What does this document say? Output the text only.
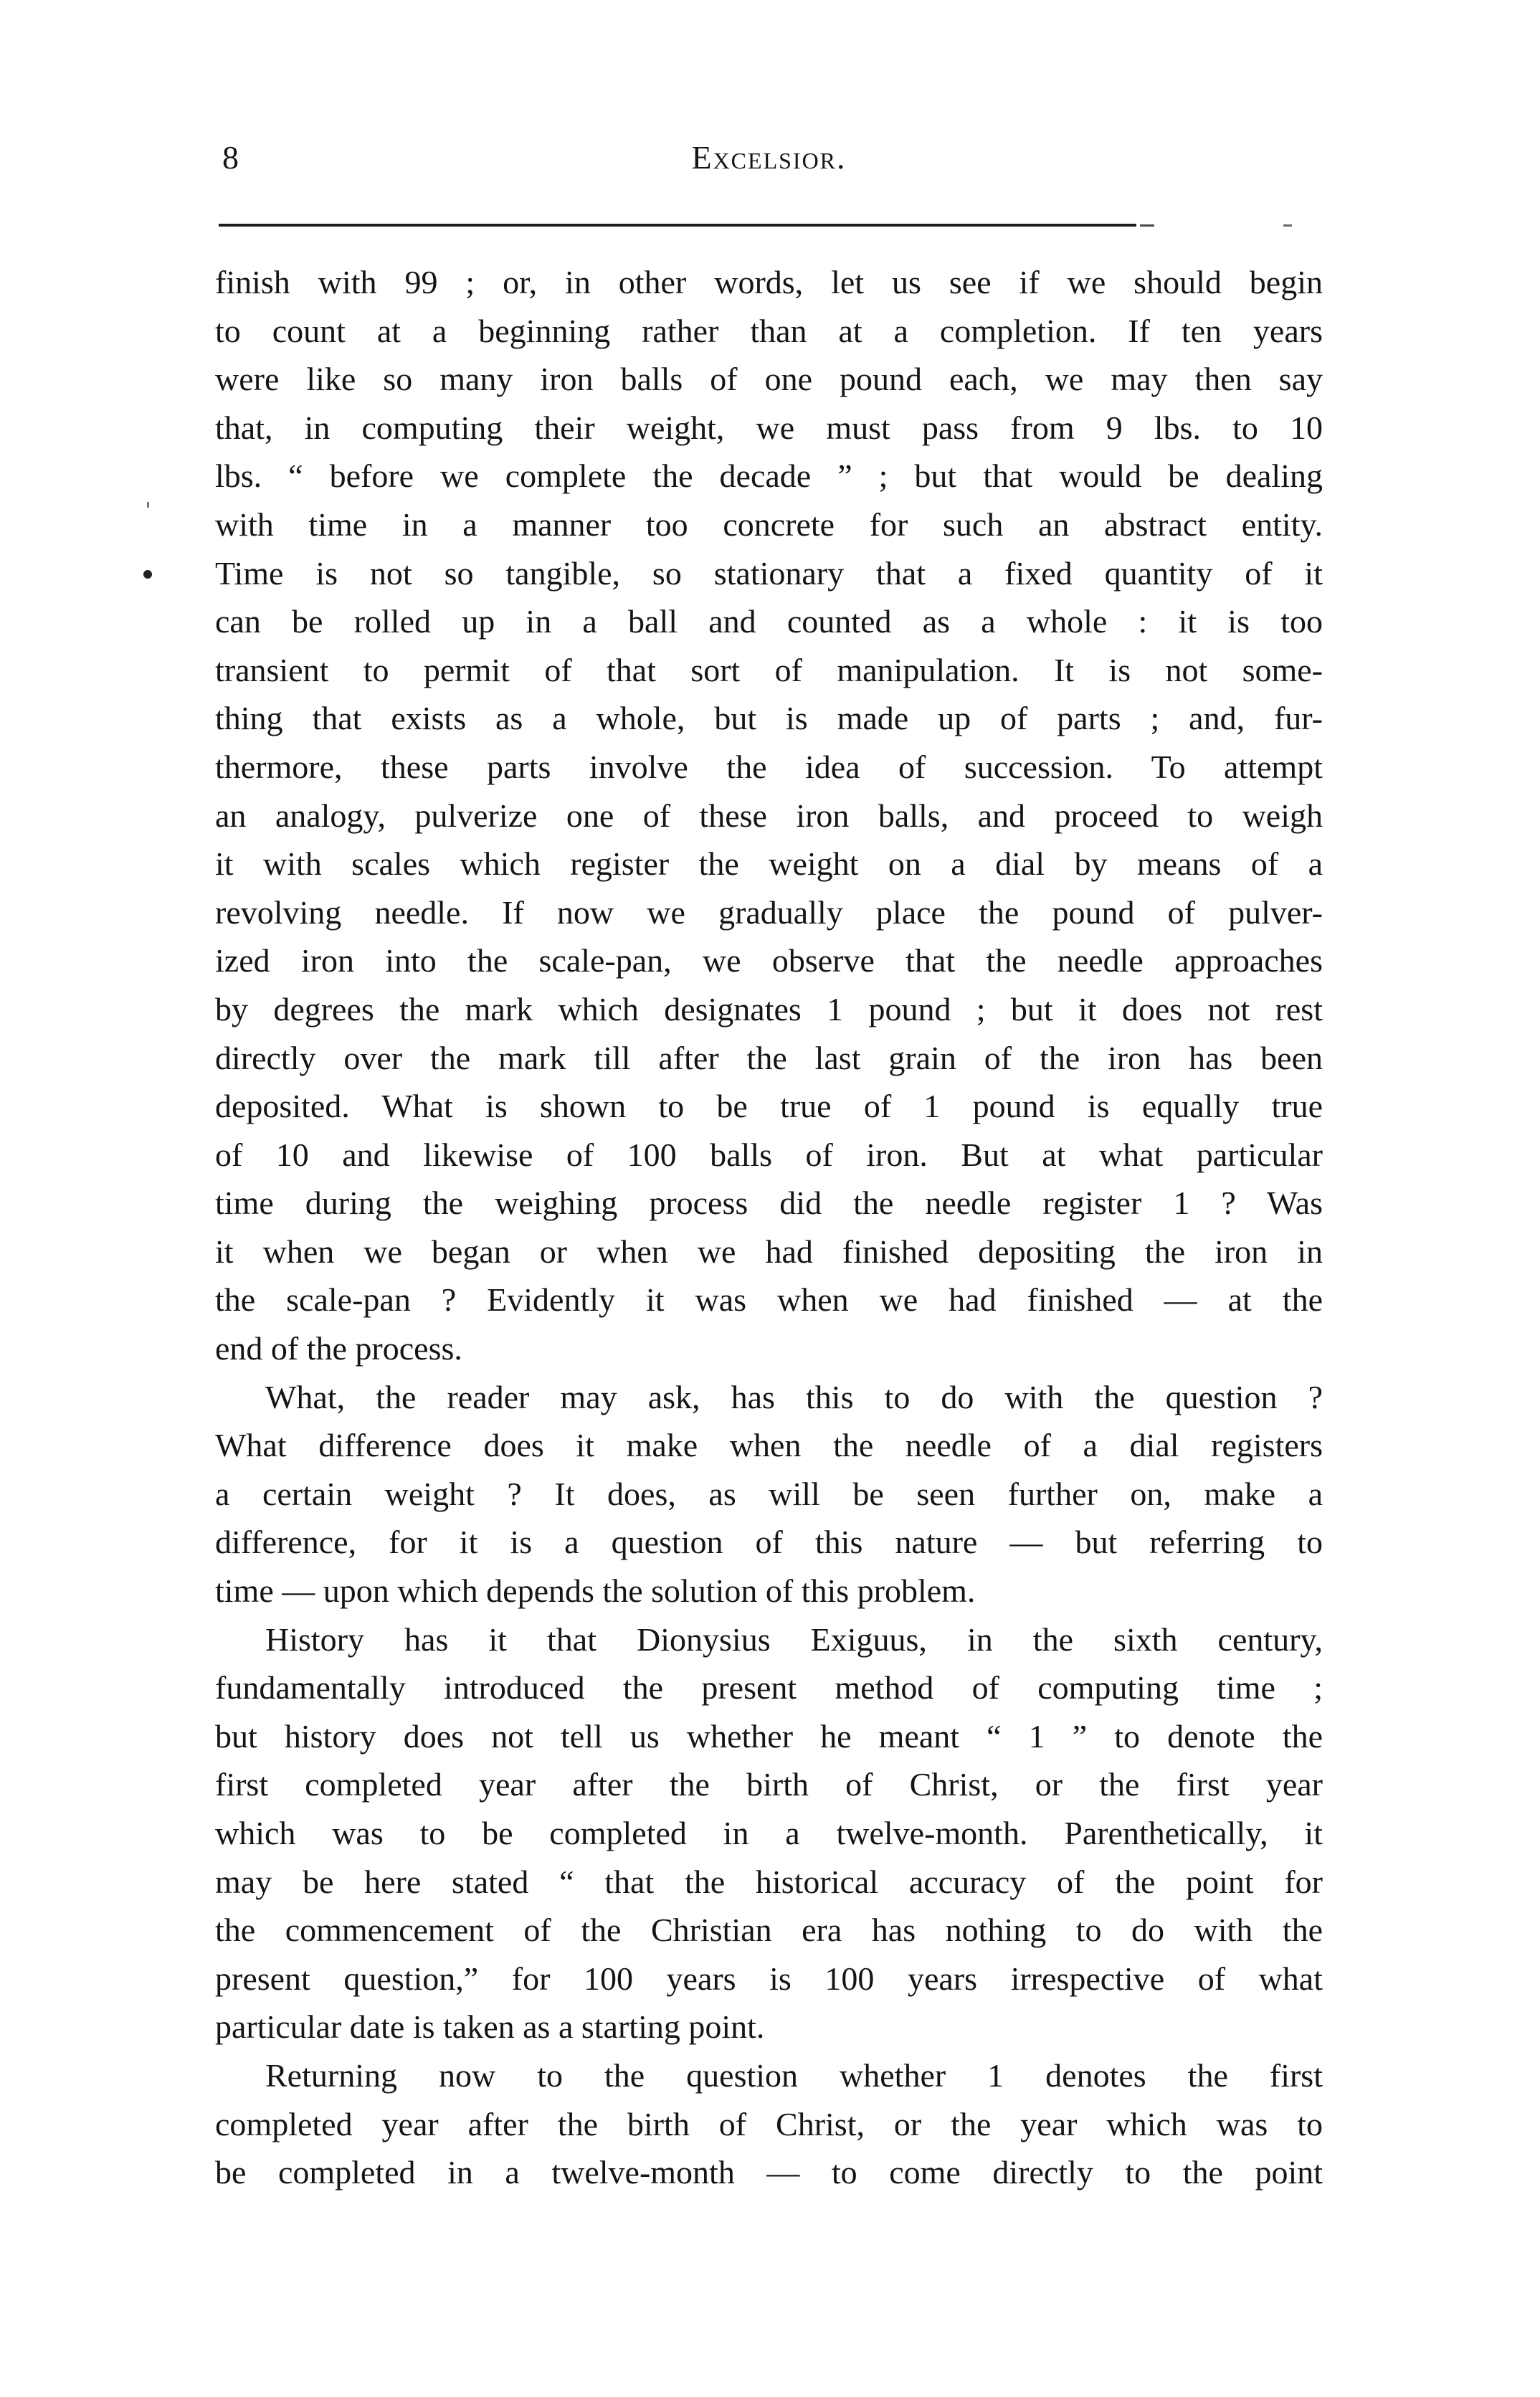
8	Excelsior.

finish with 99 ; or, in other words, let us see if we should begin

to count at a beginning rather than at a completion. If ten years

were like so many iron balls of one pound each, we may then say

that, in computing their weight, we must pass from 9 lbs. to 10

lbs. “ before we complete the decade ” ; but that would be dealing

with time in a manner too concrete for such an abstract entity.

Time is not so tangible, so stationary that a fixed quantity of it

can be rolled up in a ball and counted as a whole : it is too

transient to permit of that sort of manipulation. It is not some-

thing that exists as a whole, but is made up of parts ; and, fur-

thermore, these parts involve the idea of succession. To attempt

an analogy, pulverize one of these iron balls, and proceed to weigh

it with scales which register the weight on a dial by means of a

revolving needle. If now we gradually place the pound of pulver-

ized iron into the scale-pan, we observe that the needle approaches

by degrees the mark which designates 1 pound ; but it does not rest

directly over the mark till after the last grain of the iron has been

deposited. What is shown to be true of 1 pound is equally true

of 10 and likewise of 100 balls of iron. But at what particular

time during the weighing process did the needle register 1 ? Was

it when we began or when we had finished depositing the iron in

the scale-pan ? Evidently it was when we had finished — at the

end of the process.

What, the reader may ask, has this to do with the question ?

What difference does it make when the needle of a dial registers

a certain weight ? It does, as will be seen further on, make a

difference, for it is a question of this nature — but referring to

time — upon which depends the solution of this problem.

History has it that Dionysius Exiguus, in the sixth century,

fundamentally introduced the present method of computing time ;

but history does not tell us whether he meant “ 1 ” to denote the

first completed year after the birth of Christ, or the first year

which was to be completed in a twelve-month. Parenthetically, it

may be here stated “ that the historical accuracy of the point for

the commencement of the Christian era has nothing to do with the

present question,” for 100 years is 100 years irrespective of what

particular date is taken as a starting point.

Returning now to the question whether 1 denotes the first

completed year after the birth of Christ, or the year which was to

be completed in a twelve-month — to come directly to the point
